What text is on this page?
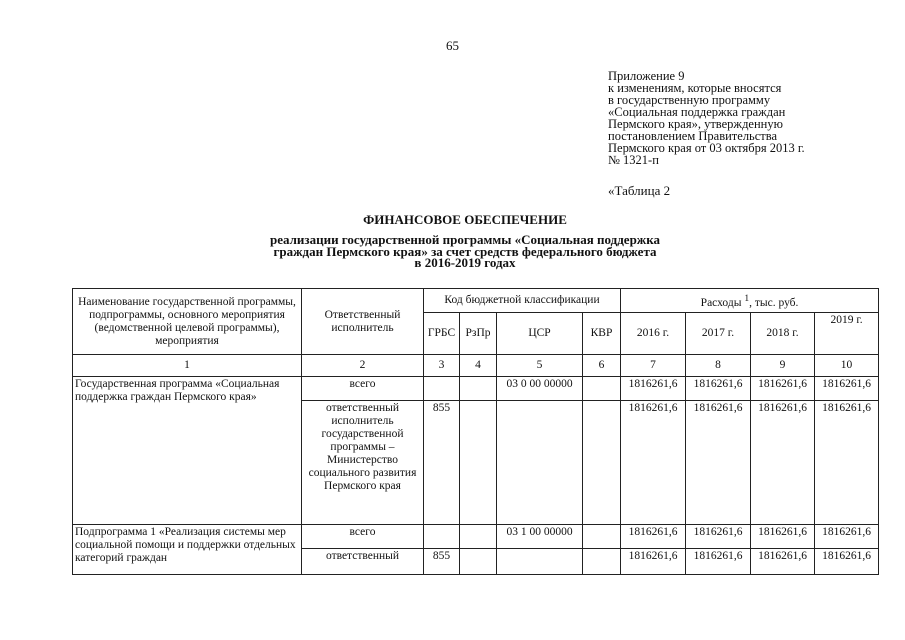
65
Приложение 9
к изменениям, которые вносятся
в государственную программу
«Социальная поддержка граждан
Пермского края», утвержденную
постановлением Правительства
Пермского края от 03 октября 2013 г.
№ 1321-п
«Таблица 2
ФИНАНСОВОЕ ОБЕСПЕЧЕНИЕ
реализации государственной программы «Социальная поддержка
граждан Пермского края» за счет средств федерального бюджета
в 2016-2019 годах
Наименование государственной программы, подпрограммы, основного мероприятия (ведомственной целевой программы), мероприятия	Ответственный исполнитель	Код бюджетной классификации				Расходы $^1$, тыс. руб.			
		ГРБС	РзПр	ЦСР	КВР	2016 г.	2017 г.	2018 г.	2019 г.
1	2	3	4	5	6	7	8	9	10
Государственная программа «Социальная поддержка граждан Пермского края»	всего			03 0 00 00000		1816261,6	1816261,6	1816261,6	1816261,6
	ответственный исполнитель государственной программы – Министерство социального развития Пермского края	855				1816261,6	1816261,6	1816261,6	1816261,6
Подпрограмма 1 «Реализация системы мер социальной помощи и поддержки отдельных категорий граждан	всего			03 1 00 00000		1816261,6	1816261,6	1816261,6	1816261,6
	ответственный	855				1816261,6	1816261,6	1816261,6	1816261,6
